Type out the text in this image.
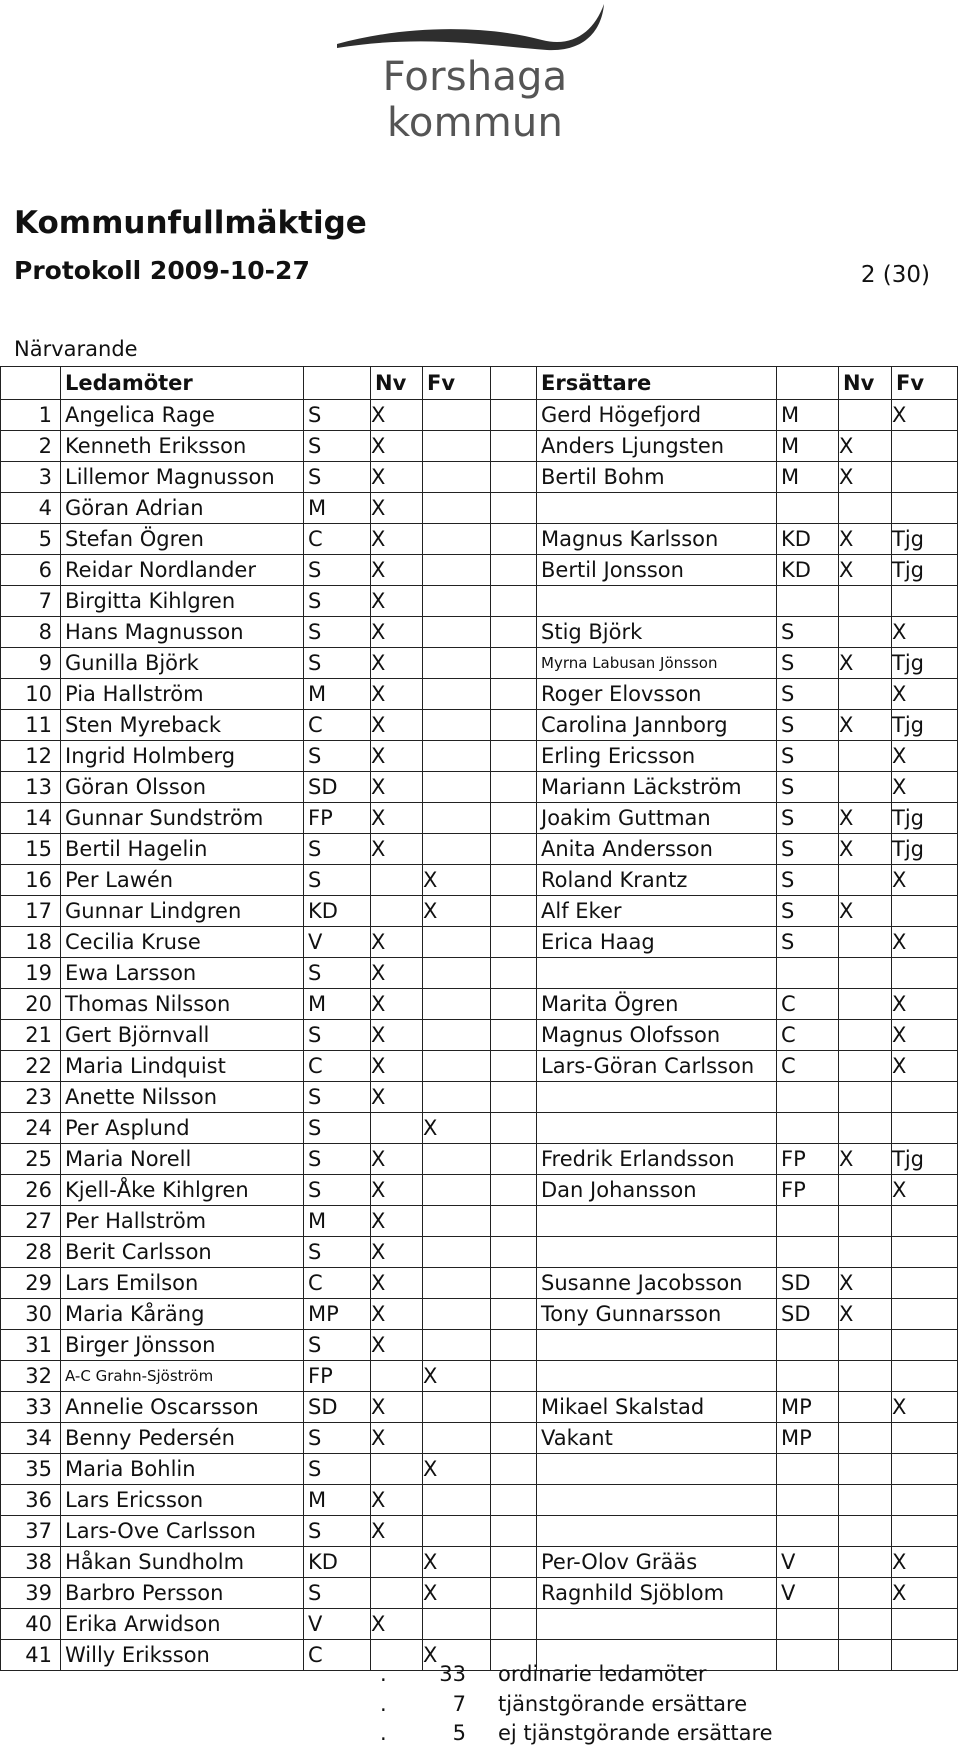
Forshaga kommun
Kommunfullmäktige
Protokoll 2009-10-27	2 (30)
Närvarande
	Ledamöter		Nv	Fv		Ersättare		Nv	Fv
1	Angelica Rage	S	X			Gerd Högefjord	M		X
2	Kenneth Eriksson	S	X			Anders Ljungsten	M	X	
3	Lillemor Magnusson	S	X			Bertil Bohm	M	X	
4	Göran Adrian	M	X						
5	Stefan Ögren	C	X			Magnus Karlsson	KD	X	Tjg
6	Reidar Nordlander	S	X			Bertil Jonsson	KD	X	Tjg
7	Birgitta Kihlgren	S	X						
8	Hans Magnusson	S	X			Stig Björk	S		X
9	Gunilla Björk	S	X			Myrna Labusan Jönsson	S	X	Tjg
10	Pia Hallström	M	X			Roger Elovsson	S		X
11	Sten Myreback	C	X			Carolina Jannborg	S	X	Tjg
12	Ingrid Holmberg	S	X			Erling Ericsson	S		X
13	Göran Olsson	SD	X			Mariann Läckström	S		X
14	Gunnar Sundström	FP	X			Joakim Guttman	S	X	Tjg
15	Bertil Hagelin	S	X			Anita Andersson	S	X	Tjg
16	Per Lawén	S		X		Roland Krantz	S		X
17	Gunnar Lindgren	KD		X		Alf Eker	S	X	
18	Cecilia Kruse	V	X			Erica Haag	S		X
19	Ewa Larsson	S	X						
20	Thomas Nilsson	M	X			Marita Ögren	C		X
21	Gert Björnvall	S	X			Magnus Olofsson	C		X
22	Maria Lindquist	C	X			Lars-Göran Carlsson	C		X
23	Anette Nilsson	S	X						
24	Per Asplund	S		X					
25	Maria Norell	S	X			Fredrik Erlandsson	FP	X	Tjg
26	Kjell-Åke Kihlgren	S	X			Dan Johansson	FP		X
27	Per Hallström	M	X						
28	Berit Carlsson	S	X						
29	Lars Emilson	C	X			Susanne Jacobsson	SD	X	
30	Maria Kåräng	MP	X			Tony Gunnarsson	SD	X	
31	Birger Jönsson	S	X						
32	A-C Grahn-Sjöström	FP		X					
33	Annelie Oscarsson	SD	X			Mikael Skalstad	MP		X
34	Benny Pedersén	S	X			Vakant	MP		
35	Maria Bohlin	S		X					
36	Lars Ericsson	M	X						
37	Lars-Ove Carlsson	S	X						
38	Håkan Sundholm	KD		X		Per-Olov Grääs	V		X
39	Barbro Persson	S		X		Ragnhild Sjöblom	V		X
40	Erika Arwidson	V	X						
41	Willy Eriksson	C		X					
.	33 ordinarie ledamöter
.	7 tjänstgörande ersättare
.	5 ej tjänstgörande ersättare
